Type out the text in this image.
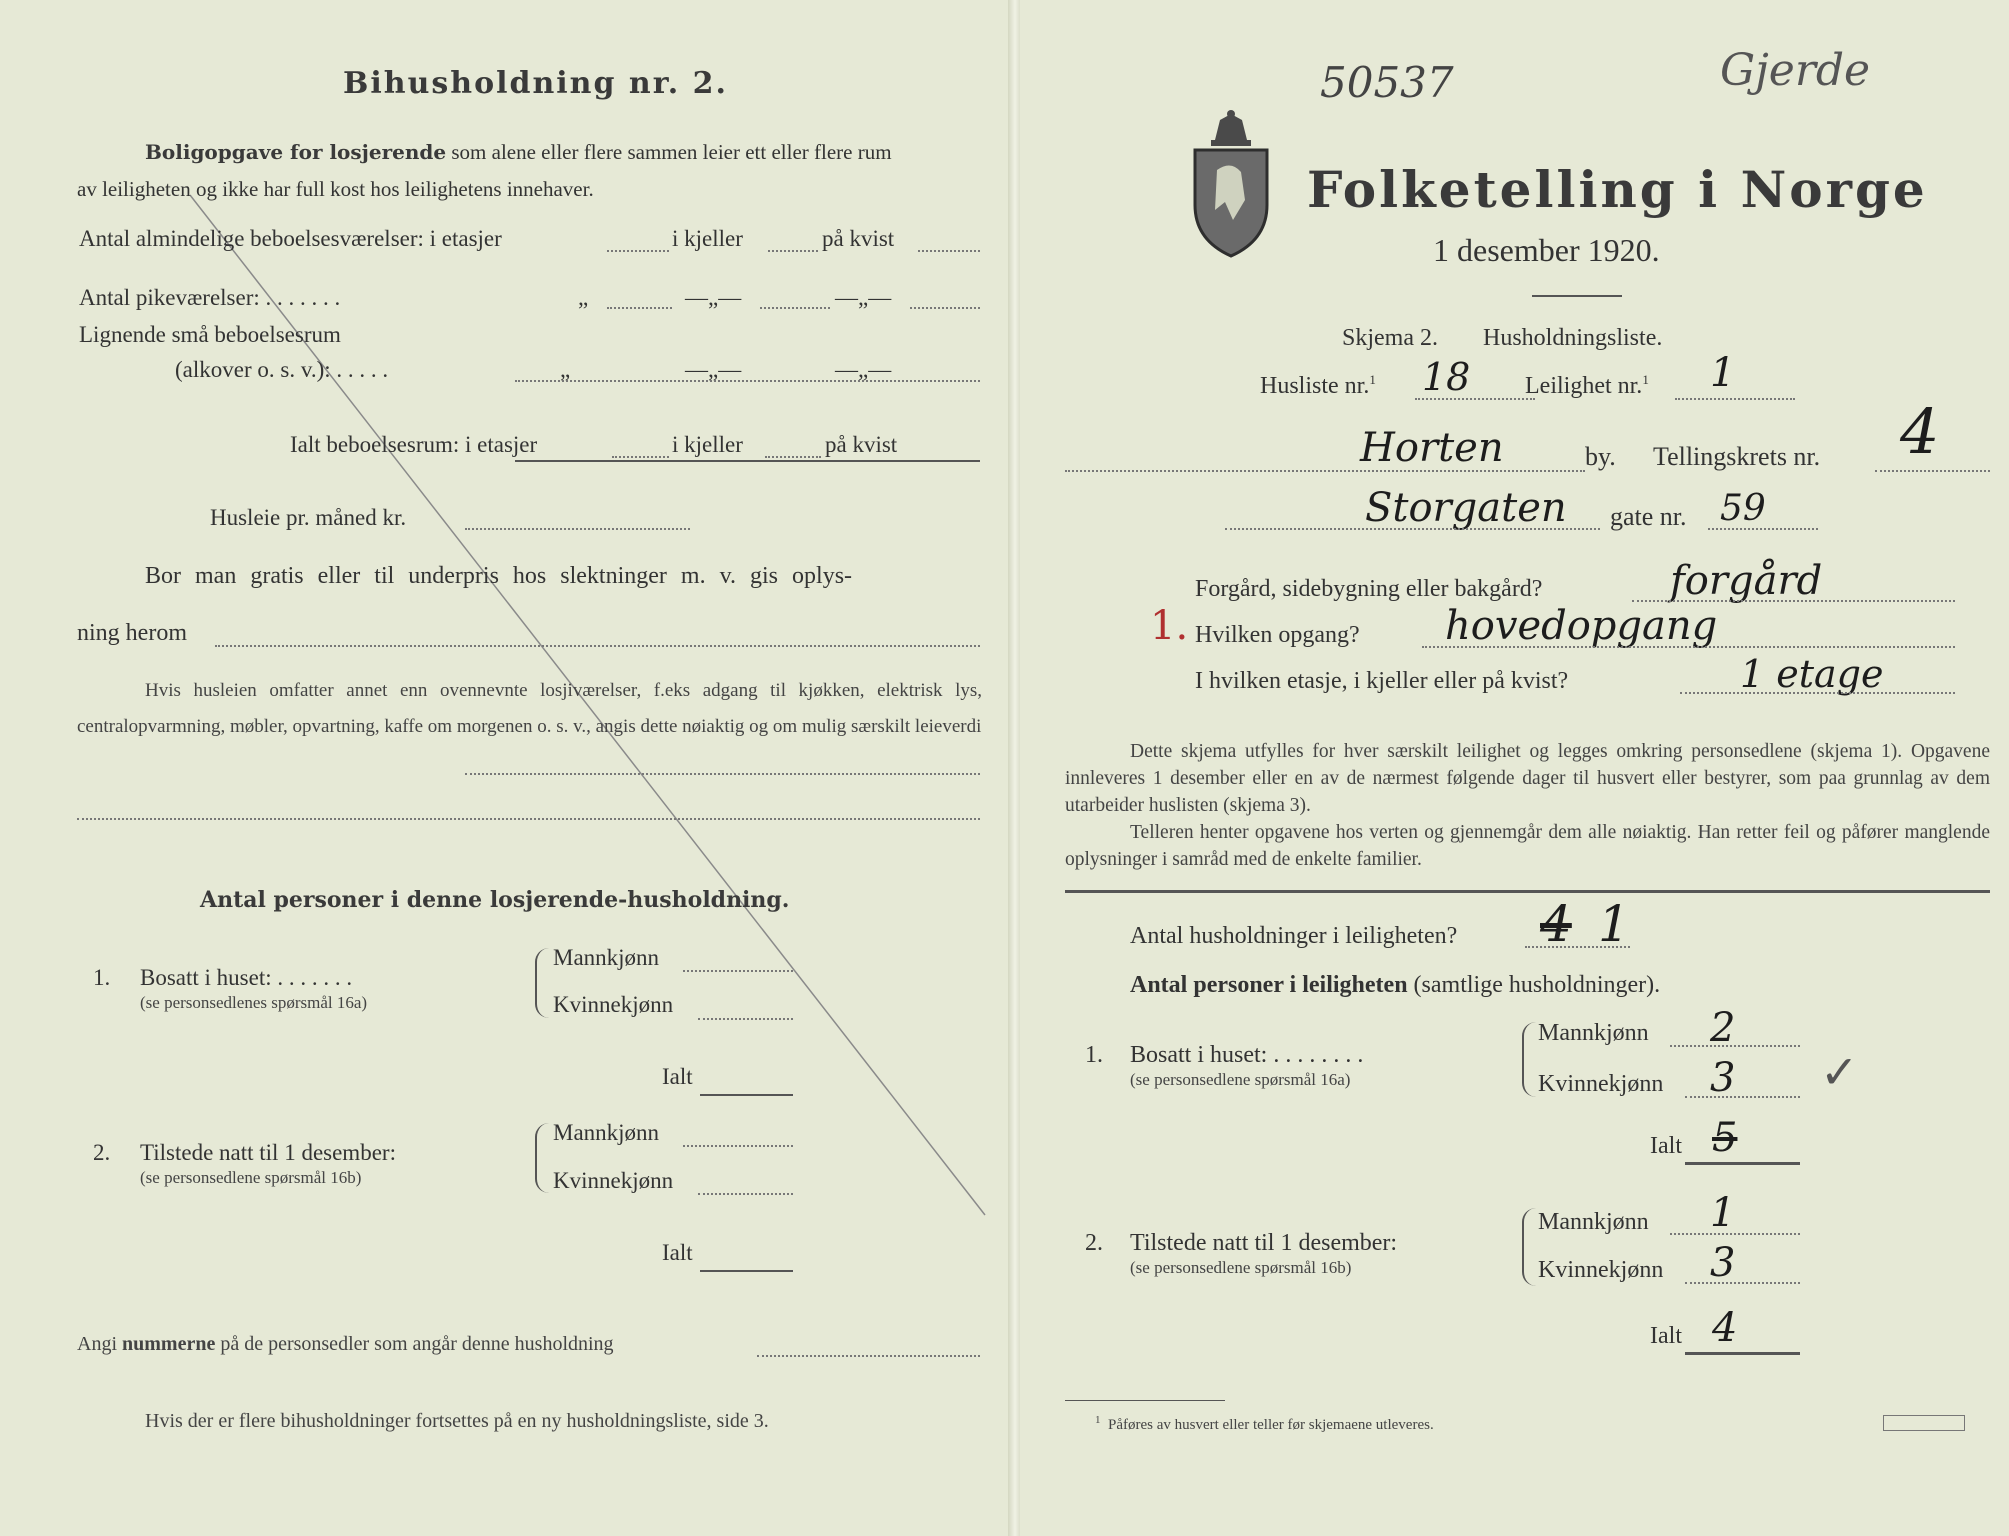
Bihusholdning nr. 2.
Boligopgave for losjerende som alene eller flere sammen leier ett eller flere rum
av leiligheten og ikke har full kost hos leilighetens innehaver.
Antal almindelige beboelsesværelser: i etasjer	i kjeller	på kvist
Antal pikeværelser: . . . . . . .	„	—„—	—„—
Lignende små beboelsesrum
(alkover o. s. v.): . . . . .	„	—„—	—„—
Ialt beboelsesrum: i etasjer	i kjeller	på kvist
Husleie pr. måned kr.
Bor man gratis eller til underpris hos slektninger m. v. gis oplys-
ning herom
Hvis husleien omfatter annet enn ovennevnte losjiværelser, f.eks adgang til kjøkken, elektrisk lys, centralopvarmning, møbler, opvartning, kaffe om morgenen o. s. v., angis dette nøiaktig og om mulig særskilt leieverdi
Antal personer i denne losjerende-husholdning.
1. Bosatt i huset: . . . . . . .
(se personsedlenes spørsmål 16a)
Mannkjønn
Kvinnekjønn
Ialt
2. Tilstede natt til 1 desember:
(se personsedlene spørsmål 16b)
Mannkjønn
Kvinnekjønn
Ialt
Angi nummerne på de personsedler som angår denne husholdning
Hvis der er flere bihusholdninger fortsettes på en ny husholdningsliste, side 3.
50537	Gjerde
Folketelling i Norge
1 desember 1920.
Skjema 2. Husholdningsliste.
Husliste nr.$^1$ 18 Leilighet nr.$^1$ 1
Horten	by. Tellingskrets nr. 4
Storgaten gate nr. 59
Forgård, sidebygning eller bakgård?	forgård
1. Hvilken opgang? hovedopgang
I hvilken etasje, i kjeller eller på kvist?	1 etage
Dette skjema utfylles for hver særskilt leilighet og legges omkring personsedlene (skjema 1). Opgavene innleveres 1 desember eller en av de nærmest følgende dager til husvert eller bestyrer, som paa grunnlag av dem utarbeider huslisten (skjema 3).
Telleren henter opgavene hos verten og gjennemgår dem alle nøiaktig. Han retter feil og påfører manglende oplysninger i samråd med de enkelte familier.
Antal husholdninger i leiligheten? 4 1
Antal personer i leiligheten (samtlige husholdninger).
1. Bosatt i huset: . . . . . . . .
(se personsedlene spørsmål 16a)
Mannkjønn 2
Kvinnekjønn 3 ✓
Ialt 5
2. Tilstede natt til 1 desember:
(se personsedlene spørsmål 16b)
Mannkjønn 1
Kvinnekjønn 3
Ialt 4
$^1$ Påføres av husvert eller teller før skjemaene utleveres.
